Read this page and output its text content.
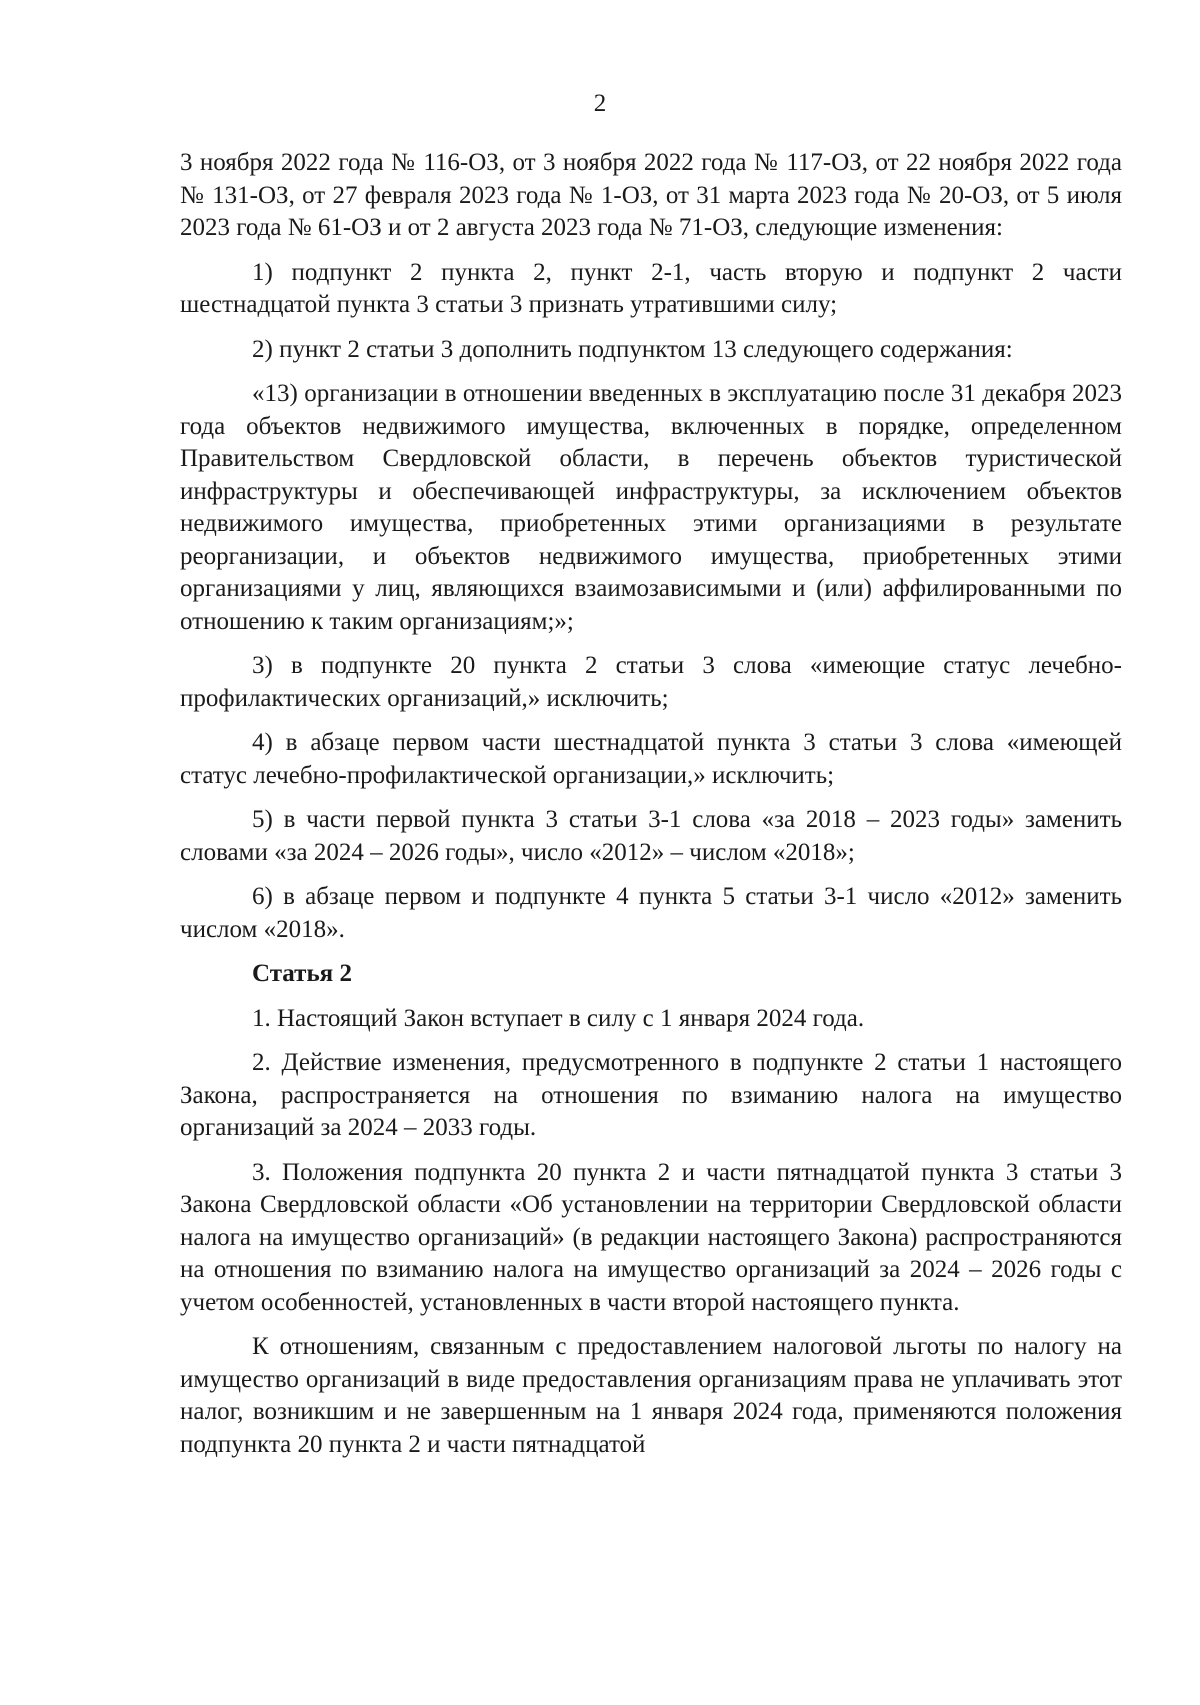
2

3 ноября 2022 года № 116-ОЗ, от 3 ноября 2022 года № 117-ОЗ, от 22 ноября 2022 года № 131-ОЗ, от 27 февраля 2023 года № 1-ОЗ, от 31 марта 2023 года № 20-ОЗ, от 5 июля 2023 года № 61-ОЗ и от 2 августа 2023 года № 71-ОЗ, следующие изменения:

1) подпункт 2 пункта 2, пункт 2-1, часть вторую и подпункт 2 части шестнадцатой пункта 3 статьи 3 признать утратившими силу;

2) пункт 2 статьи 3 дополнить подпунктом 13 следующего содержания:

«13) организации в отношении введенных в эксплуатацию после 31 декабря 2023 года объектов недвижимого имущества, включенных в порядке, определенном Правительством Свердловской области, в перечень объектов туристической инфраструктуры и обеспечивающей инфраструктуры, за исключением объектов недвижимого имущества, приобретенных этими организациями в результате реорганизации, и объектов недвижимого имущества, приобретенных этими организациями у лиц, являющихся взаимозависимыми и (или) аффилированными по отношению к таким организациям;»;

3) в подпункте 20 пункта 2 статьи 3 слова «имеющие статус лечебно-профилактических организаций,» исключить;

4) в абзаце первом части шестнадцатой пункта 3 статьи 3 слова «имеющей статус лечебно-профилактической организации,» исключить;

5) в части первой пункта 3 статьи 3-1 слова «за 2018 – 2023 годы» заменить словами «за 2024 – 2026 годы», число «2012» – числом «2018»;

6) в абзаце первом и подпункте 4 пункта 5 статьи 3-1 число «2012» заменить числом «2018».

Статья 2

1. Настоящий Закон вступает в силу с 1 января 2024 года.

2. Действие изменения, предусмотренного в подпункте 2 статьи 1 настоящего Закона, распространяется на отношения по взиманию налога на имущество организаций за 2024 – 2033 годы.

3. Положения подпункта 20 пункта 2 и части пятнадцатой пункта 3 статьи 3 Закона Свердловской области «Об установлении на территории Свердловской области налога на имущество организаций» (в редакции настоящего Закона) распространяются на отношения по взиманию налога на имущество организаций за 2024 – 2026 годы с учетом особенностей, установленных в части второй настоящего пункта.

К отношениям, связанным с предоставлением налоговой льготы по налогу на имущество организаций в виде предоставления организациям права не уплачивать этот налог, возникшим и не завершенным на 1 января 2024 года, применяются положения подпункта 20 пункта 2 и части пятнадцатой
